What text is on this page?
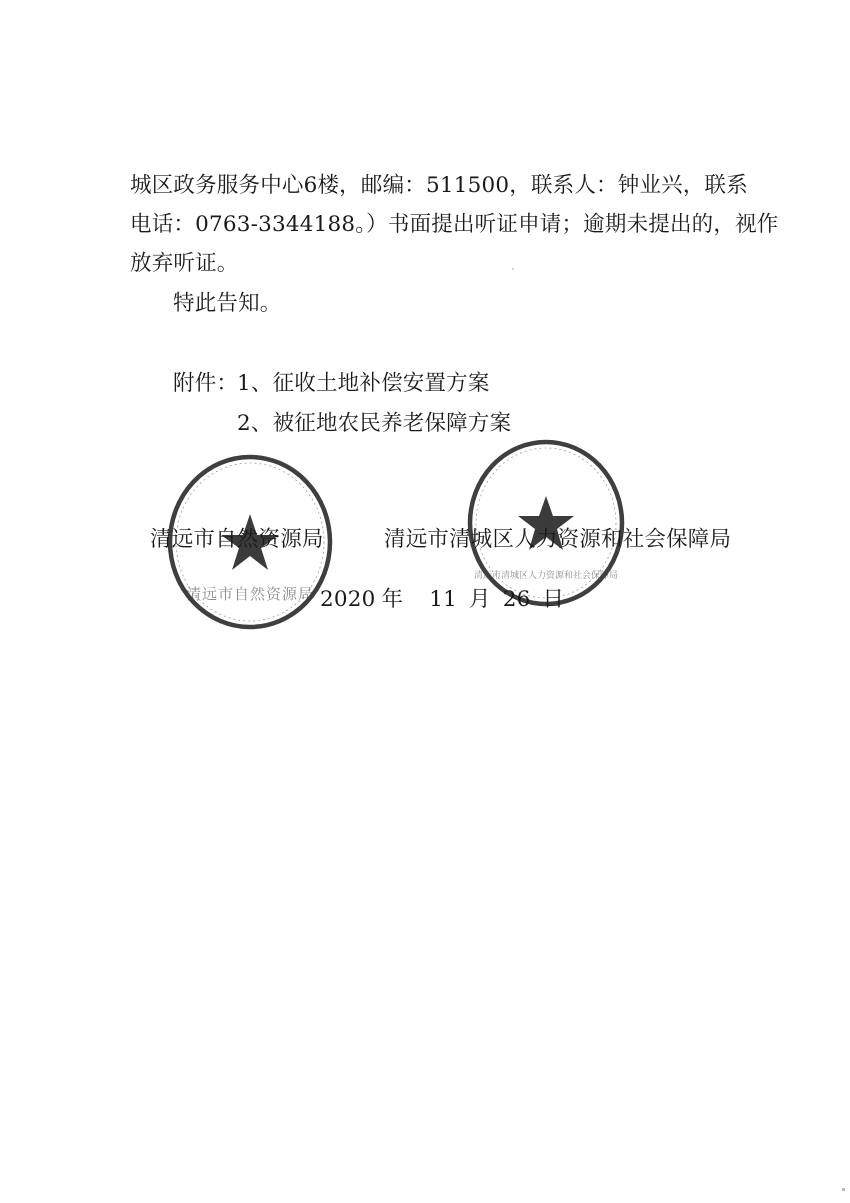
城区政务服务中心6楼，邮编：511500，联系人：钟业兴，联系
电话：0763-3344188。）书面提出听证申请；逾期未提出的，视作
放弃听证。
特此告知。
附件：
1、征收土地补偿安置方案
2、被征地农民养老保障方案
清远市自然资源局
清远市清城区人力资源和社会保障局
清远市自然资源局	清远市清城区人力资源和社会保障局
2020 年 11 月 26 日
